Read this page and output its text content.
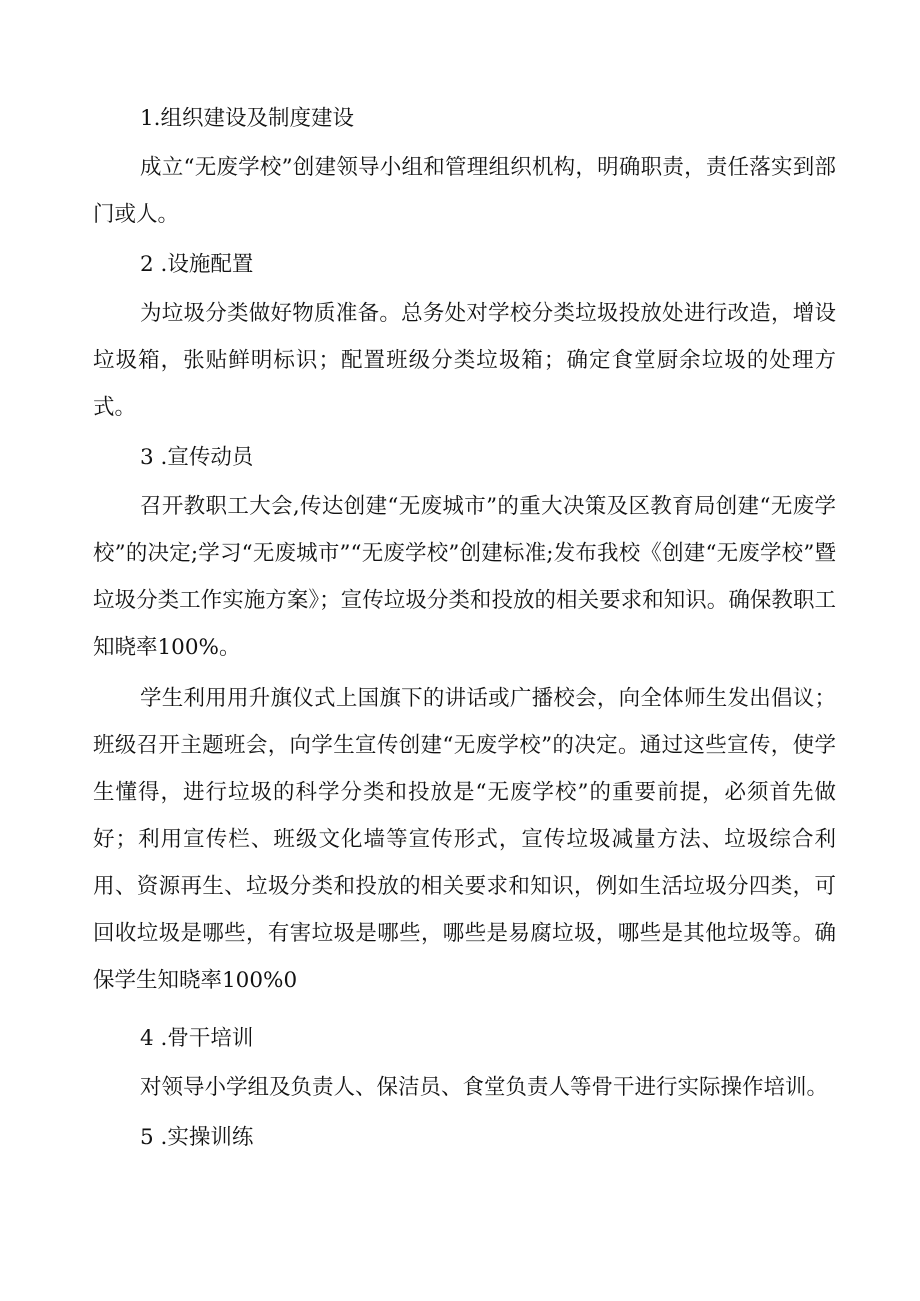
1.组织建设及制度建设

成立“无废学校”创建领导小组和管理组织机构，明确职责，责任落实到部门或人。

2 .设施配置

为垃圾分类做好物质准备。总务处对学校分类垃圾投放处进行改造，增设垃圾箱，张贴鲜明标识；配置班级分类垃圾箱；确定食堂厨余垃圾的处理方式。

3 .宣传动员

召开教职工大会,传达创建“无废城市”的重大决策及区教育局创建“无废学校”的决定;学习“无废城市”“无废学校”创建标准;发布我校《创建“无废学校”暨垃圾分类工作实施方案》；宣传垃圾分类和投放的相关要求和知识。确保教职工知晓率100%。

学生利用用升旗仪式上国旗下的讲话或广播校会，向全体师生发出倡议；班级召开主题班会，向学生宣传创建“无废学校”的决定。通过这些宣传，使学生懂得，进行垃圾的科学分类和投放是“无废学校”的重要前提，必须首先做好；利用宣传栏、班级文化墙等宣传形式，宣传垃圾减量方法、垃圾综合利用、资源再生、垃圾分类和投放的相关要求和知识，例如生活垃圾分四类，可回收垃圾是哪些，有害垃圾是哪些，哪些是易腐垃圾，哪些是其他垃圾等。确保学生知晓率100%0

4 .骨干培训

对领导小学组及负责人、保洁员、食堂负责人等骨干进行实际操作培训。

5 .实操训练
